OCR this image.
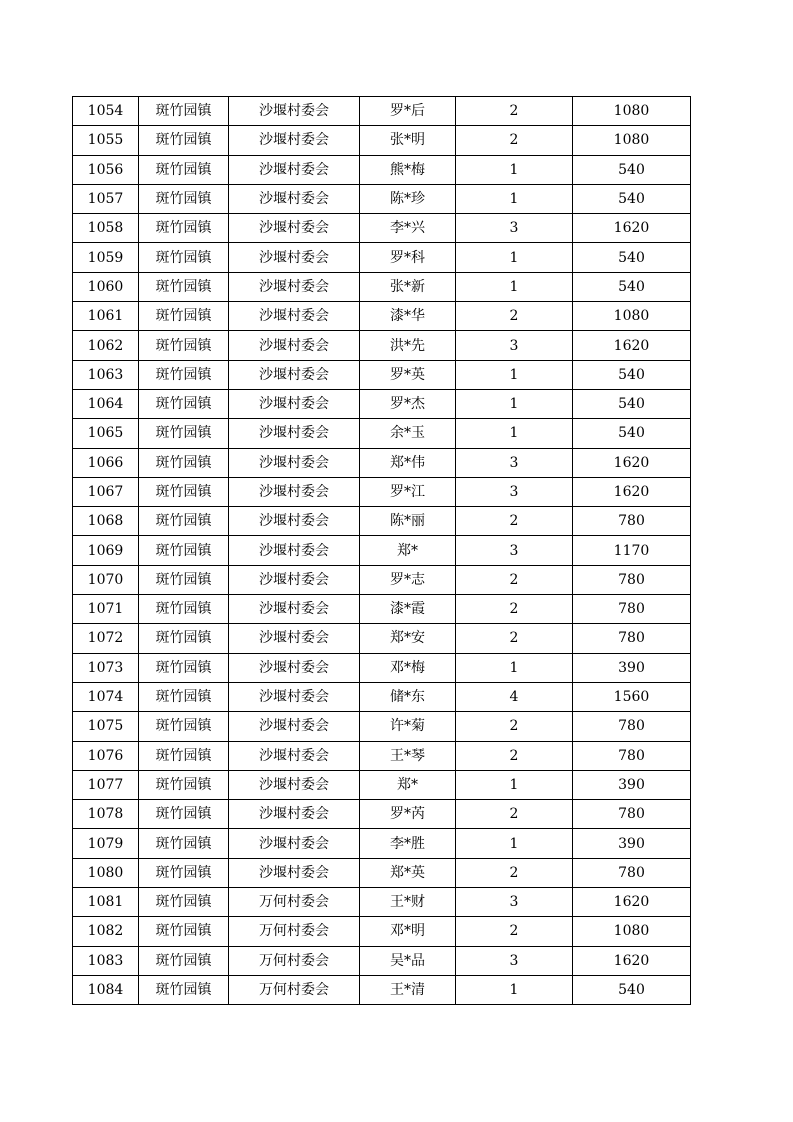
1054	斑竹园镇	沙堰村委会	罗*后	2	1080
1055	斑竹园镇	沙堰村委会	张*明	2	1080
1056	斑竹园镇	沙堰村委会	熊*梅	1	540
1057	斑竹园镇	沙堰村委会	陈*珍	1	540
1058	斑竹园镇	沙堰村委会	李*兴	3	1620
1059	斑竹园镇	沙堰村委会	罗*科	1	540
1060	斑竹园镇	沙堰村委会	张*新	1	540
1061	斑竹园镇	沙堰村委会	漆*华	2	1080
1062	斑竹园镇	沙堰村委会	洪*先	3	1620
1063	斑竹园镇	沙堰村委会	罗*英	1	540
1064	斑竹园镇	沙堰村委会	罗*杰	1	540
1065	斑竹园镇	沙堰村委会	余*玉	1	540
1066	斑竹园镇	沙堰村委会	郑*伟	3	1620
1067	斑竹园镇	沙堰村委会	罗*江	3	1620
1068	斑竹园镇	沙堰村委会	陈*丽	2	780
1069	斑竹园镇	沙堰村委会	郑*	3	1170
1070	斑竹园镇	沙堰村委会	罗*志	2	780
1071	斑竹园镇	沙堰村委会	漆*霞	2	780
1072	斑竹园镇	沙堰村委会	郑*安	2	780
1073	斑竹园镇	沙堰村委会	邓*梅	1	390
1074	斑竹园镇	沙堰村委会	储*东	4	1560
1075	斑竹园镇	沙堰村委会	许*菊	2	780
1076	斑竹园镇	沙堰村委会	王*琴	2	780
1077	斑竹园镇	沙堰村委会	郑*	1	390
1078	斑竹园镇	沙堰村委会	罗*芮	2	780
1079	斑竹园镇	沙堰村委会	李*胜	1	390
1080	斑竹园镇	沙堰村委会	郑*英	2	780
1081	斑竹园镇	万何村委会	王*财	3	1620
1082	斑竹园镇	万何村委会	邓*明	2	1080
1083	斑竹园镇	万何村委会	吴*品	3	1620
1084	斑竹园镇	万何村委会	王*清	1	540
